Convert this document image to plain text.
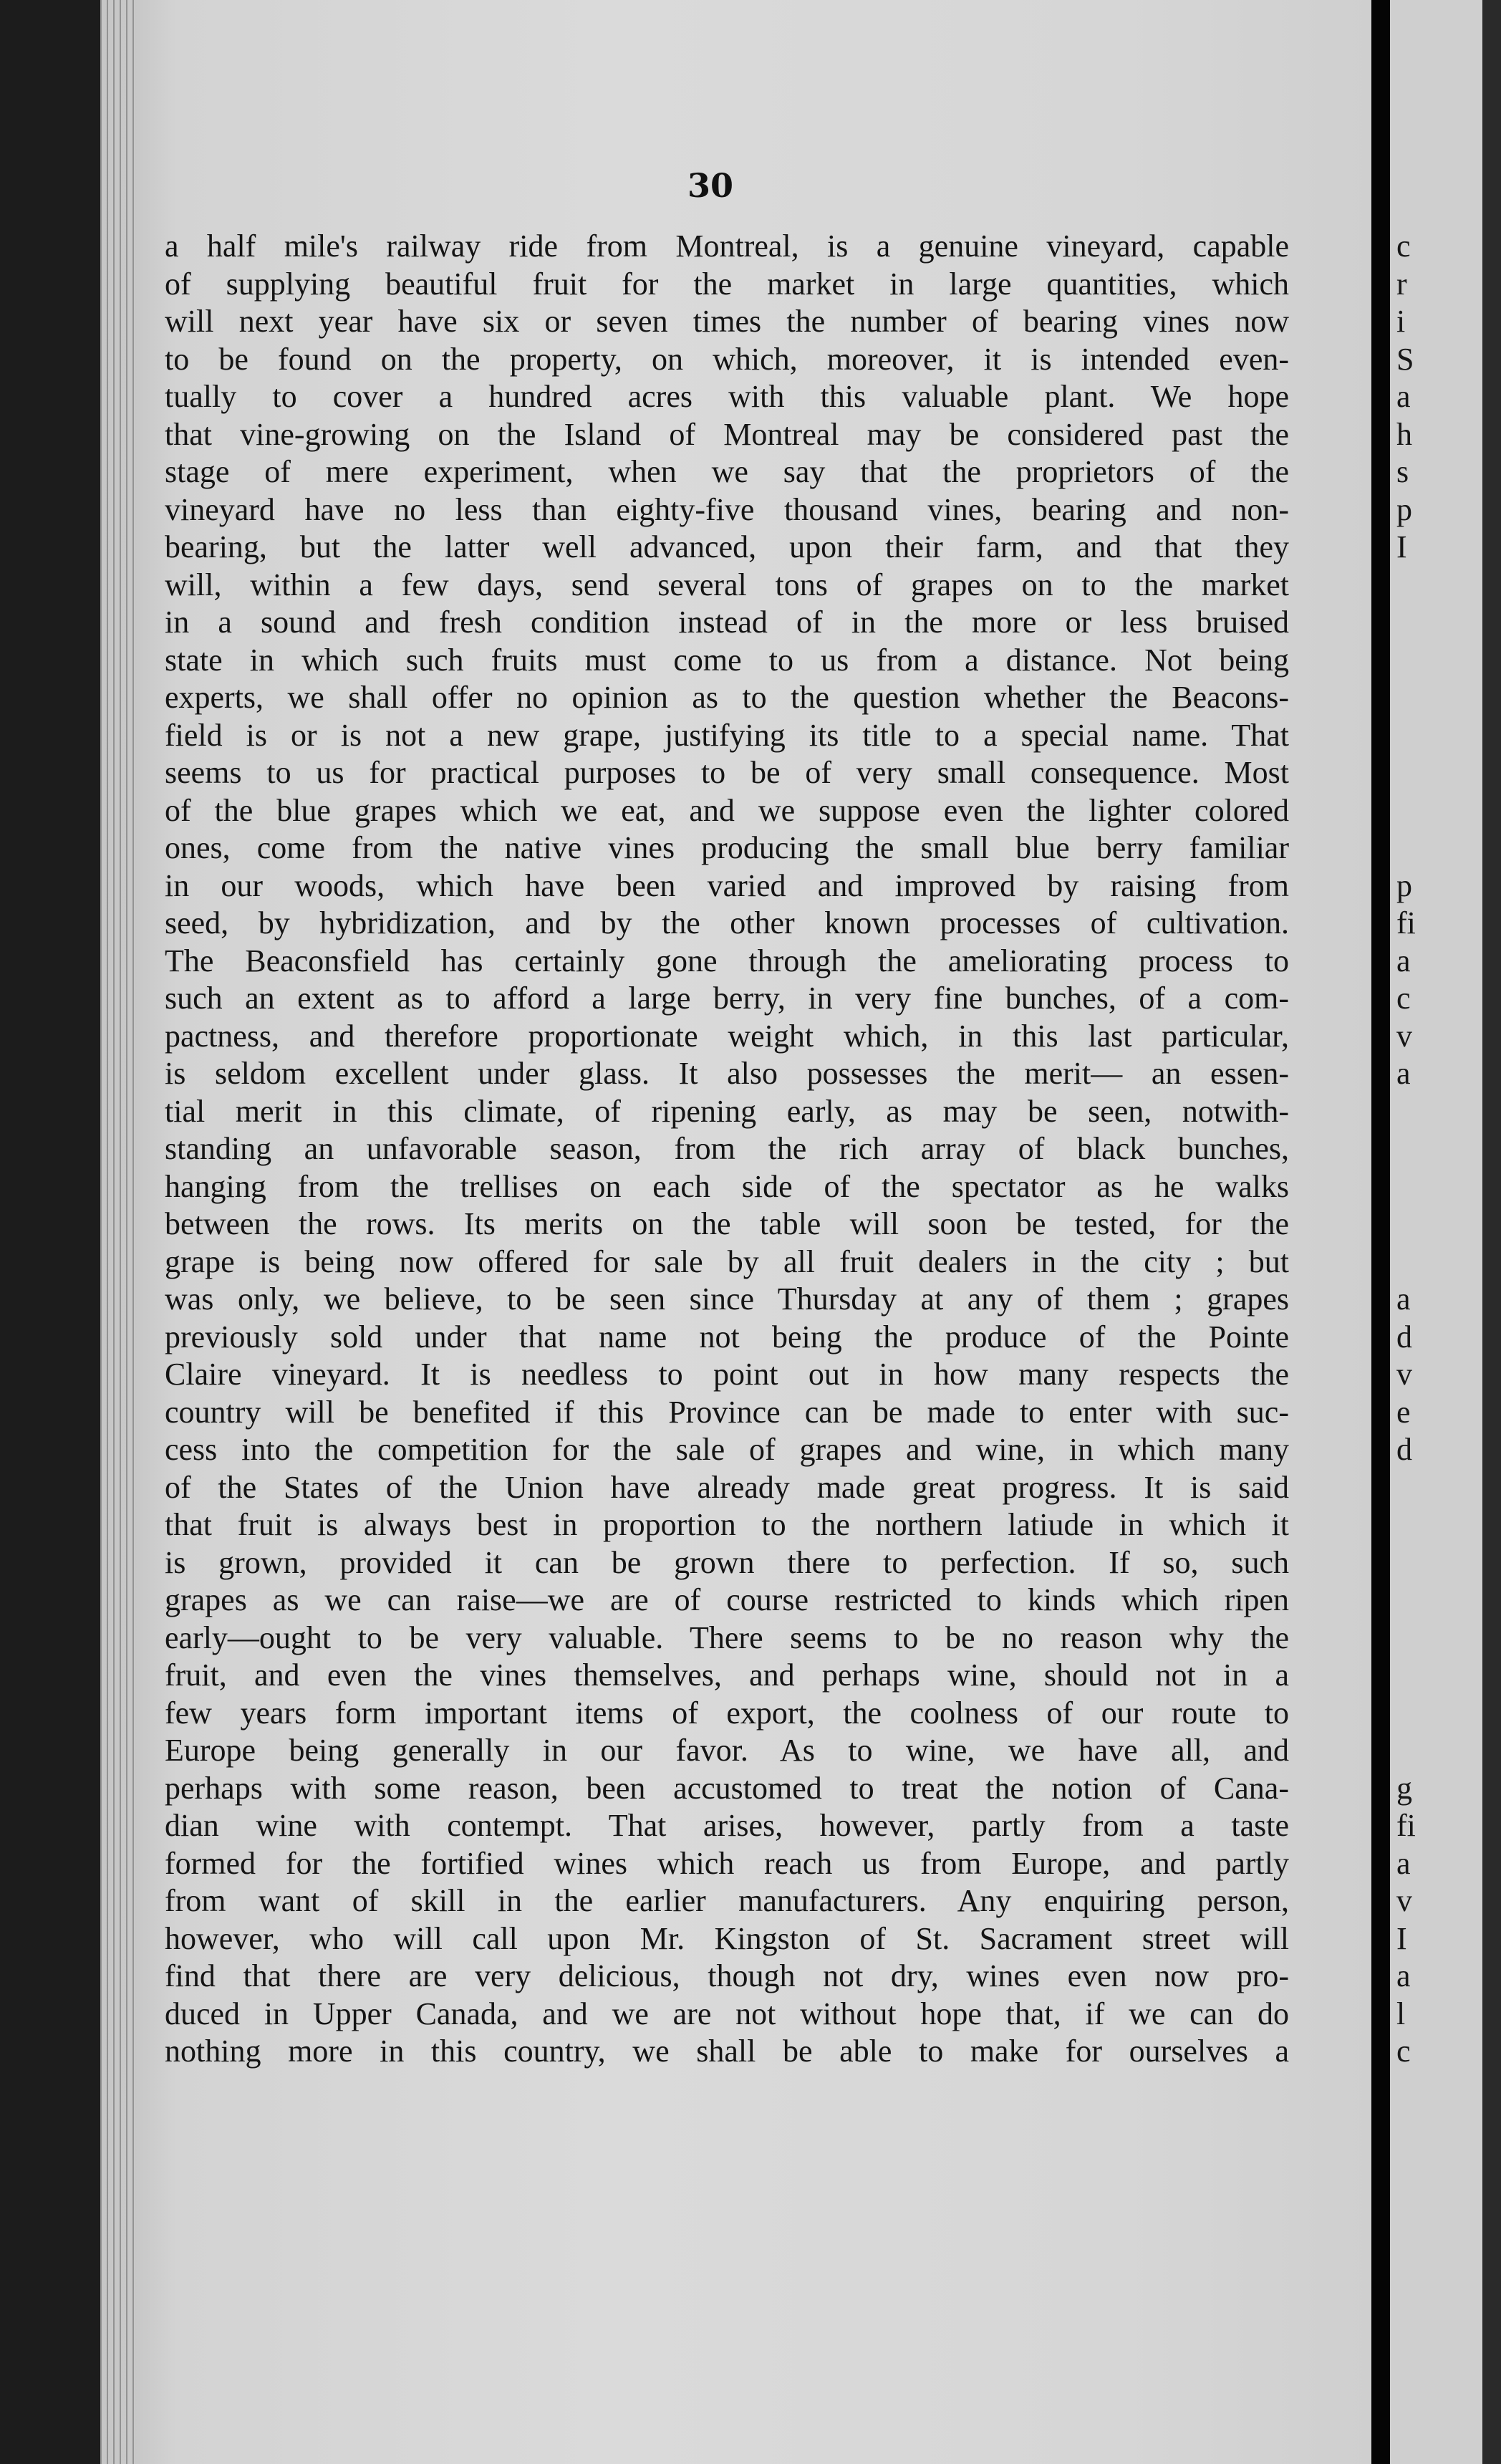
30
a half mile's railway ride from Montreal, is a genuine vineyard, capable
of supplying beautiful fruit for the market in large quantities, which
will next year have six or seven times the number of bearing vines now
to be found on the property, on which, moreover, it is intended even-
tually to cover a hundred acres with this valuable plant. We hope
that vine-growing on the Island of Montreal may be considered past the
stage of mere experiment, when we say that the proprietors of the
vineyard have no less than eighty-five thousand vines, bearing and non-
bearing, but the latter well advanced, upon their farm, and that they
will, within a few days, send several tons of grapes on to the market
in a sound and fresh condition instead of in the more or less bruised
state in which such fruits must come to us from a distance. Not being
experts, we shall offer no opinion as to the question whether the Beacons-
field is or is not a new grape, justifying its title to a special name. That
seems to us for practical purposes to be of very small consequence. Most
of the blue grapes which we eat, and we suppose even the lighter colored
ones, come from the native vines producing the small blue berry familiar
in our woods, which have been varied and improved by raising from
seed, by hybridization, and by the other known processes of cultivation.
The Beaconsfield has certainly gone through the ameliorating process to
such an extent as to afford a large berry, in very fine bunches, of a com-
pactness, and therefore proportionate weight which, in this last particular,
is seldom excellent under glass. It also possesses the merit— an essen-
tial merit in this climate, of ripening early, as may be seen, notwith-
standing an unfavorable season, from the rich array of black bunches,
hanging from the trellises on each side of the spectator as he walks
between the rows. Its merits on the table will soon be tested, for the
grape is being now offered for sale by all fruit dealers in the city ; but
was only, we believe, to be seen since Thursday at any of them ; grapes
previously sold under that name not being the produce of the Pointe
Claire vineyard. It is needless to point out in how many respects the
country will be benefited if this Province can be made to enter with suc-
cess into the competition for the sale of grapes and wine, in which many
of the States of the Union have already made great progress. It is said
that fruit is always best in proportion to the northern latiude in which it
is grown, provided it can be grown there to perfection. If so, such
grapes as we can raise—we are of course restricted to kinds which ripen
early—ought to be very valuable. There seems to be no reason why the
fruit, and even the vines themselves, and perhaps wine, should not in a
few years form important items of export, the coolness of our route to
Europe being generally in our favor. As to wine, we have all, and
perhaps with some reason, been accustomed to treat the notion of Cana-
dian wine with contempt. That arises, however, partly from a taste
formed for the fortified wines which reach us from Europe, and partly
from want of skill in the earlier manufacturers. Any enquiring person,
however, who will call upon Mr. Kingston of St. Sacrament street will
find that there are very delicious, though not dry, wines even now pro-
duced in Upper Canada, and we are not without hope that, if we can do
nothing more in this country, we shall be able to make for ourselves a
c
r
i
S
a
h
s
p
I
p
fi
a
c
v
a
a
d
v
e
d
g
fi
a
v
I
a
l
c
